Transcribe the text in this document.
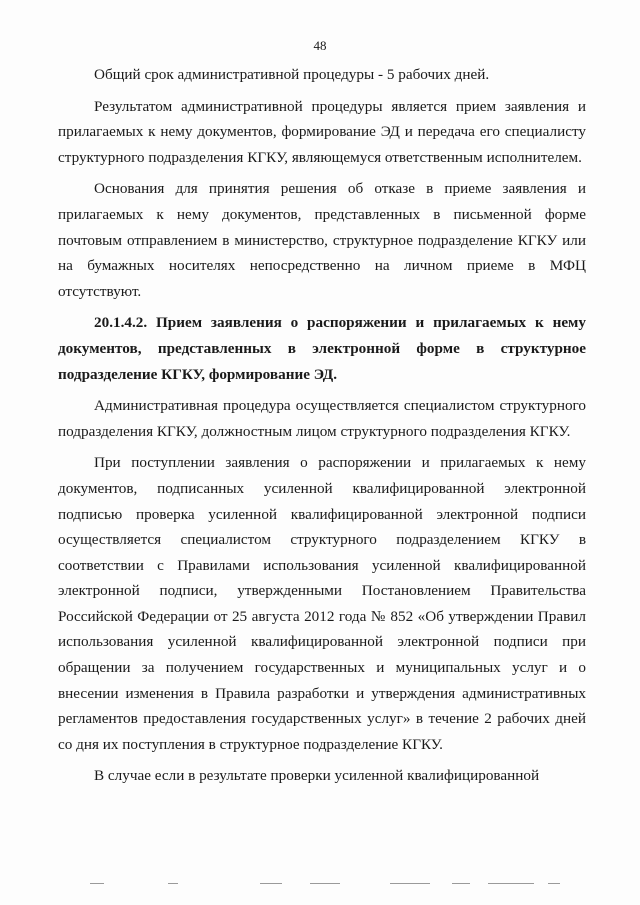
48

Общий срок административной процедуры - 5 рабочих дней.

Результатом административной процедуры является прием заявления и прилагаемых к нему документов, формирование ЭД и передача его специалисту структурного подразделения КГКУ, являющемуся ответственным исполнителем.

Основания для принятия решения об отказе в приеме заявления и прилагаемых к нему документов, представленных в письменной форме почтовым отправлением в министерство, структурное подразделение КГКУ или на бумажных носителях непосредственно на личном приеме в МФЦ отсутствуют.

20.1.4.2. Прием заявления о распоряжении и прилагаемых к нему документов, представленных в электронной форме в структурное подразделение КГКУ, формирование ЭД.

Административная процедура осуществляется специалистом структурного подразделения КГКУ, должностным лицом структурного подразделения КГКУ.

При поступлении заявления о распоряжении и прилагаемых к нему документов, подписанных усиленной квалифицированной электронной подписью проверка усиленной квалифицированной электронной подписи осуществляется специалистом структурного подразделением КГКУ в соответствии с Правилами использования усиленной квалифицированной электронной подписи, утвержденными Постановлением Правительства Российской Федерации от 25 августа 2012 года № 852 «Об утверждении Правил использования усиленной квалифицированной электронной подписи при обращении за получением государственных и муниципальных услуг и о внесении изменения в Правила разработки и утверждения административных регламентов предоставления государственных услуг» в течение 2 рабочих дней со дня их поступления в структурное подразделение КГКУ.

В случае если в результате проверки усиленной квалифицированной
